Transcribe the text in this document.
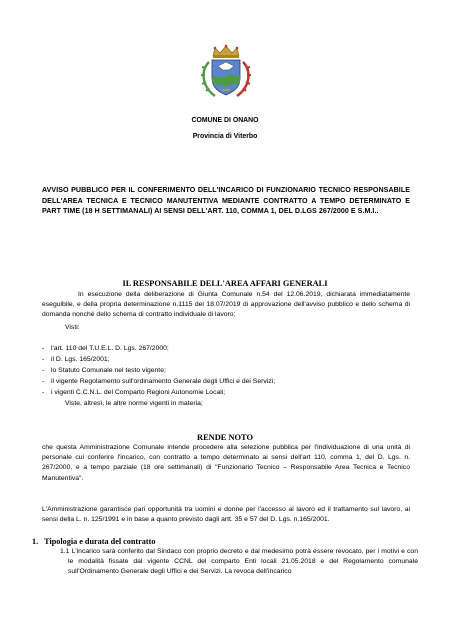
COMUNE DI ONANO
Provincia di Viterbo
AVVISO PUBBLICO PER IL CONFERIMENTO DELL'INCARICO DI FUNZIONARIO TECNICO RESPONSABILE DELL'AREA TECNICA E TECNICO MANUTENTIVA MEDIANTE CONTRATTO A TEMPO DETERMINATO E PART TIME (18 H SETTIMANALI) AI SENSI DELL'ART. 110, COMMA 1, DEL D.LGS 267/2000 E S.M.I..
IL RESPONSABILE DELL'AREA AFFARI GENERALI
In esecuzione della deliberazione di Giunta Comunale n.54 del 12.06.2019, dichiarata immediatamente eseguibile, e della propria determinazione n.1115 del 18.07/2019 di approvazione dell'avviso pubblico e dello schema di domanda nonché dello schema di contratto individuale di lavoro;
Visti:
- l'art. 110 del T.U.E.L. D. Lgs. 267/2000;
- il D. Lgs. 165/2001;
- lo Statuto Comunale nel testo vigente;
- il vigente Regolamento sull'ordinamento Generale degli Uffici e dei Servizi;
- i vigenti C.C.N.L. del Comparto Regioni Autonomie Locali;
Viste, altresì, le altre norme vigenti in materia;
RENDE NOTO
che questa Amministrazione Comunale intende procedere alla selezione pubblica per l'individuazione di una unità di personale cui conferire l'incarico, con contratto a tempo determinato ai sensi dell'art 110, comma 1, del D. Lgs. n. 267/2000, e a tempo parziale (18 ore settimanali) di "Funzionario Tecnico – Responsabile Area Tecnica e Tecnico Manutentiva".
L'Amministrazione garantisce pari opportunità tra uomini e donne per l'accesso al lavoro ed il trattamento sul lavoro, ai sensi della L. n. 125/1991 e in base a quanto previsto dagli artt. 35 e 57 del D. Lgs. n.165/2001.
1. Tipologia e durata del contratto
1.1 L'incarico sarà conferito dal Sindaco con proprio decreto e dal medesimo potrà essere revocato, per i motivi e con le modalità fissate dal vigente CCNL del comparto Enti locali 21.05.2018 e del Regolamento comunale sull'Ordinamento Generale degli Uffici e dei Servizi. La revoca dell'incarico
